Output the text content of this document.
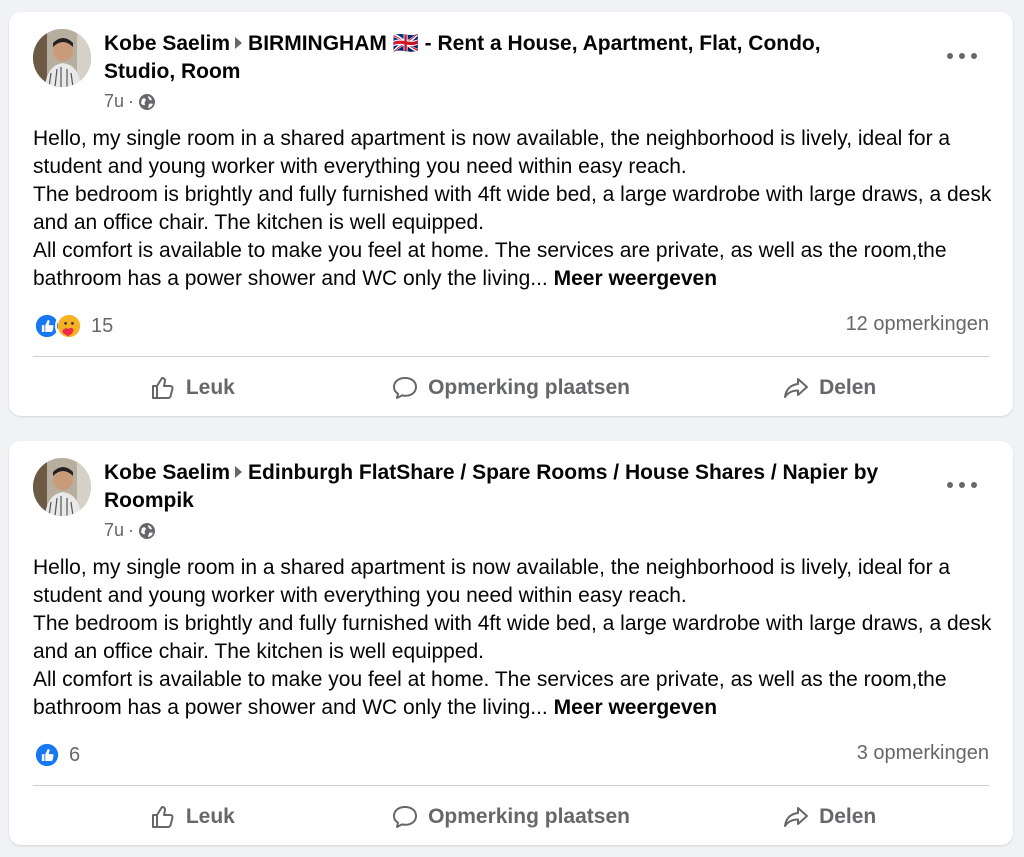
Kobe Saelim BIRMINGHAM 🇬🇧 - Rent a House, Apartment, Flat, Condo, Studio, Room
7u ·

Hello, my single room in a shared apartment is now available, the neighborhood is lively, ideal for a student and young worker with everything you need within easy reach.

The bedroom is brightly and fully furnished with 4ft wide bed, a large wardrobe with large draws, a desk and an office chair. The kitchen is well equipped.

All comfort is available to make you feel at home. The services are private, as well as the room,the bathroom has a power shower and WC only the living... Meer weergeven

15	12 opmerkingen
Leuk	Opmerking plaatsen	Delen
Kobe Saelim Edinburgh FlatShare / Spare Rooms / House Shares / Napier by Roompik
7u ·

Hello, my single room in a shared apartment is now available, the neighborhood is lively, ideal for a student and young worker with everything you need within easy reach.

The bedroom is brightly and fully furnished with 4ft wide bed, a large wardrobe with large draws, a desk and an office chair. The kitchen is well equipped.

All comfort is available to make you feel at home. The services are private, as well as the room,the bathroom has a power shower and WC only the living... Meer weergeven

6	3 opmerkingen
Leuk	Opmerking plaatsen	Delen
